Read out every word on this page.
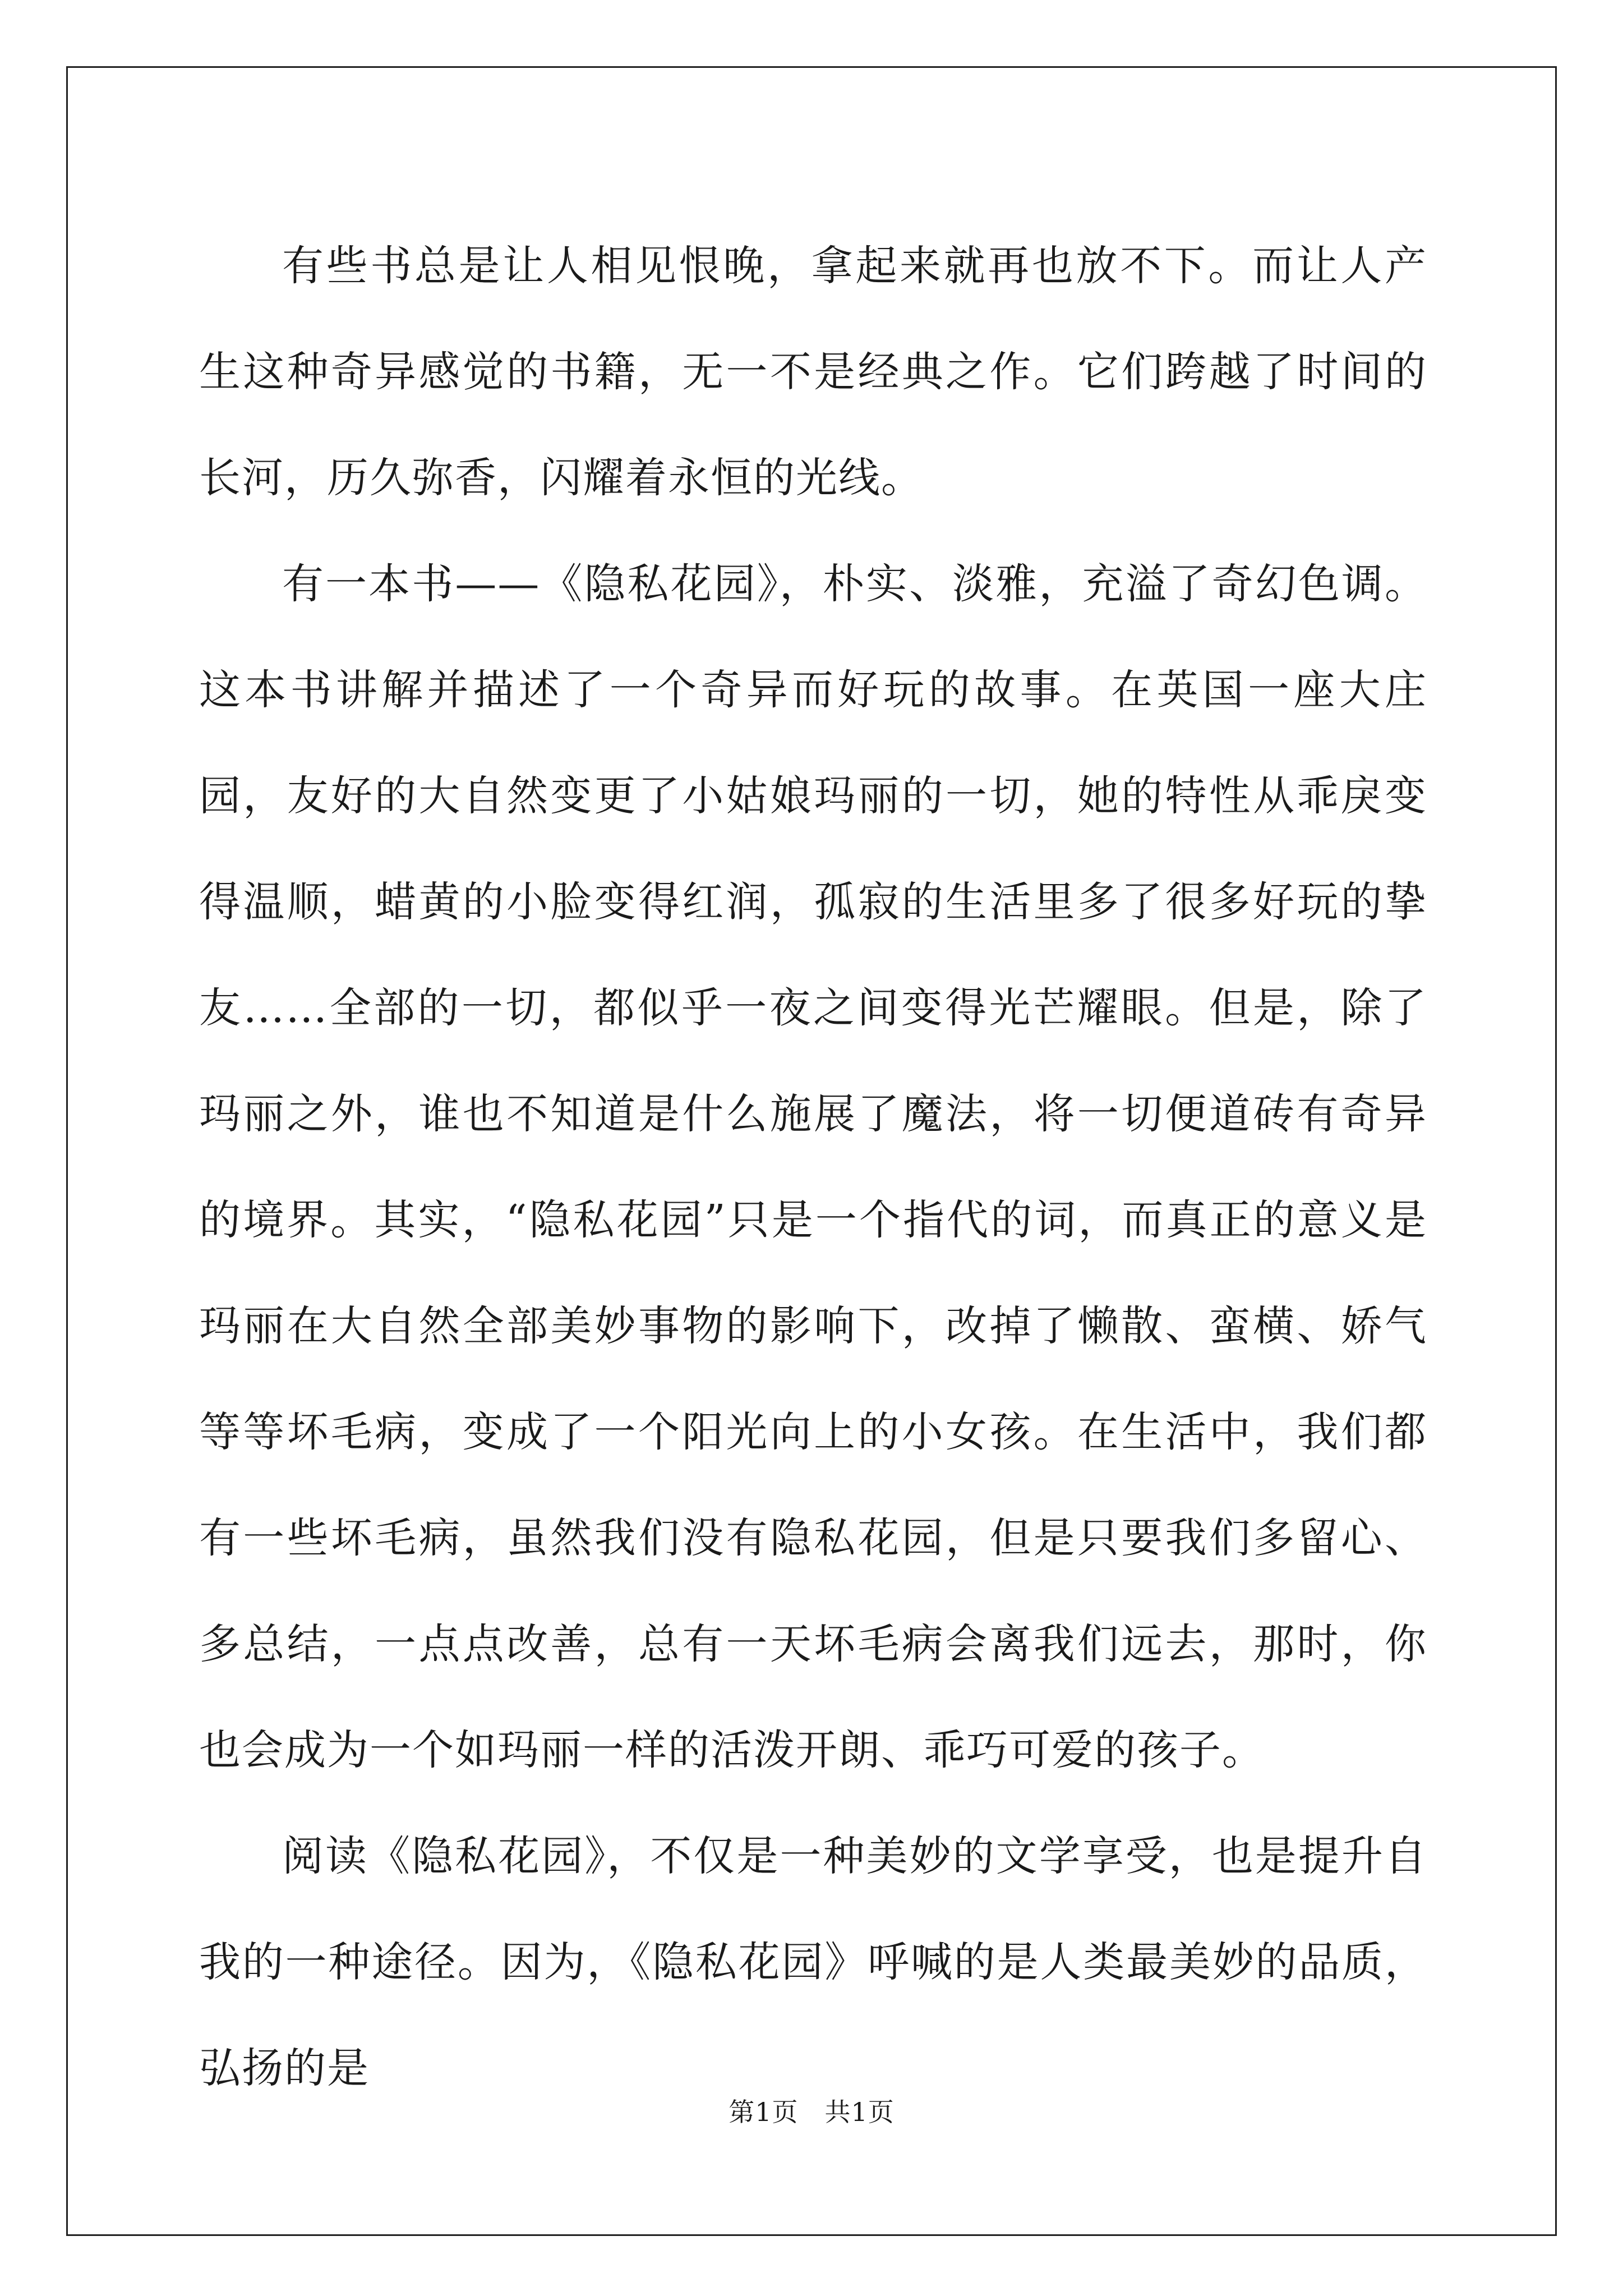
有些书总是让人相见恨晚，拿起来就再也放不下。而让人产生这种奇异感觉的书籍，无一不是经典之作。它们跨越了时间的长河，历久弥香，闪耀着永恒的光线。

有一本书——《隐私花园》，朴实、淡雅，充溢了奇幻色调。这本书讲解并描述了一个奇异而好玩的故事。在英国一座大庄园，友好的大自然变更了小姑娘玛丽的一切，她的特性从乖戾变得温顺，蜡黄的小脸变得红润，孤寂的生活里多了很多好玩的挚友……全部的一切，都似乎一夜之间变得光芒耀眼。但是，除了玛丽之外，谁也不知道是什么施展了魔法，将一切便道砖有奇异的境界。其实，“隐私花园”只是一个指代的词，而真正的意义是玛丽在大自然全部美妙事物的影响下，改掉了懒散、蛮横、娇气等等坏毛病，变成了一个阳光向上的小女孩。在生活中，我们都有一些坏毛病，虽然我们没有隐私花园，但是只要我们多留心、多总结，一点点改善，总有一天坏毛病会离我们远去，那时，你也会成为一个如玛丽一样的活泼开朗、乖巧可爱的孩子。

阅读《隐私花园》，不仅是一种美妙的文学享受，也是提升自我的一种途径。因为，《隐私花园》呼喊的是人类最美妙的品质，弘扬的是

第1页 共1页
